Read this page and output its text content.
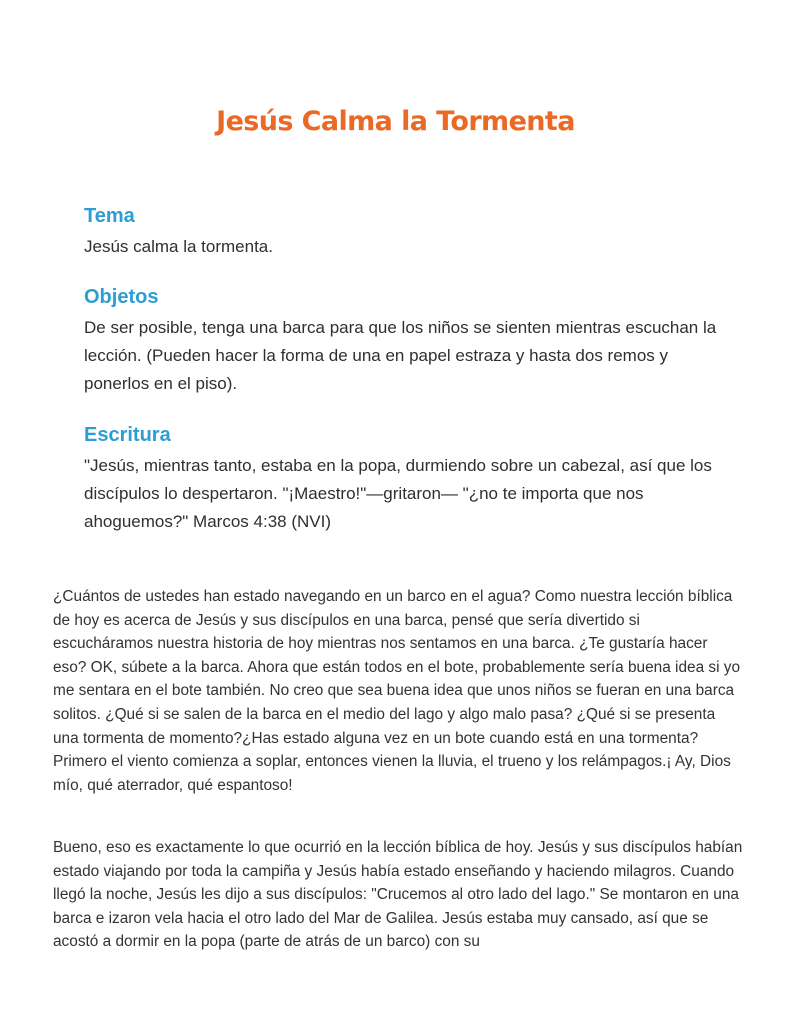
Jesús Calma la Tormenta
Tema

Jesús calma la tormenta.

Objetos

De ser posible, tenga una barca para que los niños se sienten mientras escuchan la lección. (Pueden hacer la forma de una en papel estraza y hasta dos remos y ponerlos en el piso).

Escritura

"Jesús, mientras tanto, estaba en la popa, durmiendo sobre un cabezal, así que los discípulos lo despertaron. "¡Maestro!"—gritaron— "¿no te importa que nos ahoguemos?" Marcos 4:38 (NVI)

¿Cuántos de ustedes han estado navegando en un barco en el agua? Como nuestra lección bíblica de hoy es acerca de Jesús y sus discípulos en una barca, pensé que sería divertido si escucháramos nuestra historia de hoy mientras nos sentamos en una barca. ¿Te gustaría hacer eso? OK, súbete a la barca. Ahora que están todos en el bote, probablemente sería buena idea si yo me sentara en el bote también. No creo que sea buena idea que unos niños se fueran en una barca solitos. ¿Qué si se salen de la barca en el medio del lago y algo malo pasa? ¿Qué si se presenta una tormenta de momento?¿Has estado alguna vez en un bote cuando está en una tormenta? Primero el viento comienza a soplar, entonces vienen la lluvia, el trueno y los relámpagos.¡ Ay, Dios mío, qué aterrador, qué espantoso!

Bueno, eso es exactamente lo que ocurrió en la lección bíblica de hoy. Jesús y sus discípulos habían estado viajando por toda la campiña y Jesús había estado enseñando y haciendo milagros. Cuando llegó la noche, Jesús les dijo a sus discípulos: "Crucemos al otro lado del lago." Se montaron en una barca e izaron vela hacia el otro lado del Mar de Galilea. Jesús estaba muy cansado, así que se acostó a dormir en la popa (parte de atrás de un barco) con su
